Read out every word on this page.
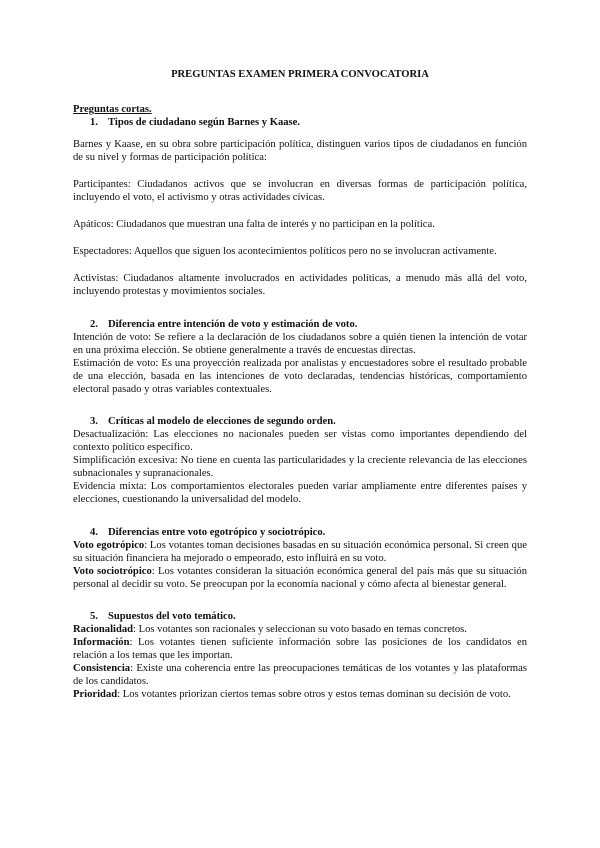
PREGUNTAS EXAMEN PRIMERA CONVOCATORIA
Preguntas cortas.
1. Tipos de ciudadano según Barnes y Kaase.

Barnes y Kaase, en su obra sobre participación política, distinguen varios tipos de ciudadanos en función de su nivel y formas de participación política:

Participantes: Ciudadanos activos que se involucran en diversas formas de participación política, incluyendo el voto, el activismo y otras actividades cívicas.

Apáticos: Ciudadanos que muestran una falta de interés y no participan en la política.

Espectadores: Aquellos que siguen los acontecimientos políticos pero no se involucran activamente.

Activistas: Ciudadanos altamente involucrados en actividades políticas, a menudo más allá del voto, incluyendo protestas y movimientos sociales.

2. Diferencia entre intención de voto y estimación de voto.

Intención de voto: Se refiere a la declaración de los ciudadanos sobre a quién tienen la intención de votar en una próxima elección. Se obtiene generalmente a través de encuestas directas.

Estimación de voto: Es una proyección realizada por analistas y encuestadores sobre el resultado probable de una elección, basada en las intenciones de voto declaradas, tendencias históricas, comportamiento electoral pasado y otras variables contextuales.

3. Críticas al modelo de elecciones de segundo orden.

Desactualización: Las elecciones no nacionales pueden ser vistas como importantes dependiendo del contexto político específico.

Simplificación excesiva: No tiene en cuenta las particularidades y la creciente relevancia de las elecciones subnacionales y supranacionales.

Evidencia mixta: Los comportamientos electorales pueden variar ampliamente entre diferentes países y elecciones, cuestionando la universalidad del modelo.

4. Diferencias entre voto egotrópico y sociotrópico.

Voto egotrópico: Los votantes toman decisiones basadas en su situación económica personal. Si creen que su situación financiera ha mejorado o empeorado, esto influirá en su voto.

Voto sociotrópico: Los votantes consideran la situación económica general del país más que su situación personal al decidir su voto. Se preocupan por la economía nacional y cómo afecta al bienestar general.

5. Supuestos del voto temático.

Racionalidad: Los votantes son racionales y seleccionan su voto basado en temas concretos.

Información: Los votantes tienen suficiente información sobre las posiciones de los candidatos en relación a los temas que les importan.

Consistencia: Existe una coherencia entre las preocupaciones temáticas de los votantes y las plataformas de los candidatos.

Prioridad: Los votantes priorizan ciertos temas sobre otros y estos temas dominan su decisión de voto.
